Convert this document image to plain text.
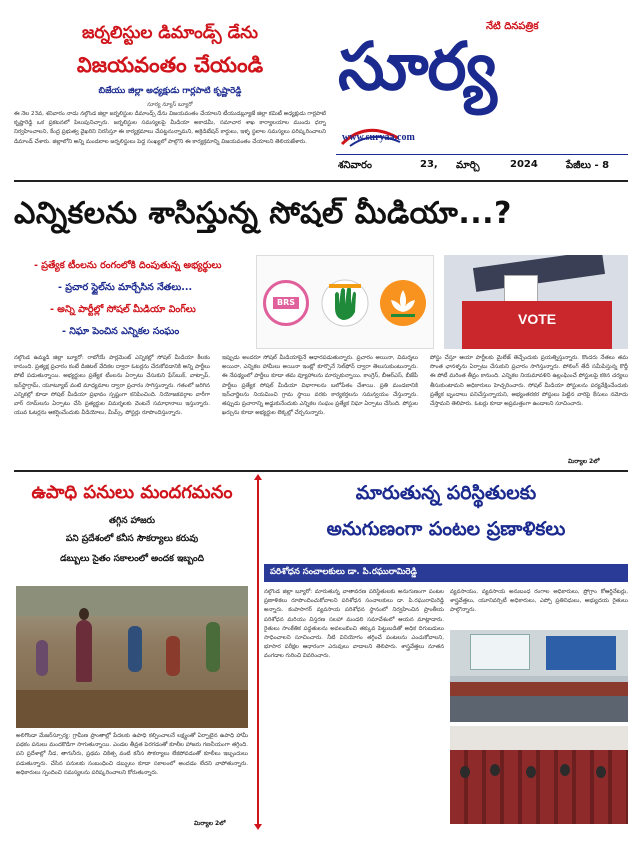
జర్నలిస్టుల డిమాండ్స్ డేను
విజయవంతం చేయండి
బిజేయు జిల్లా అధ్యక్షుడు గార్లపాటి కృష్ణారెడ్డి
సూర్య న్యూస్ బ్యూరో
ఈ నెల 23వ, శనివారం నాడు నల్గొండ జిల్లా జర్నలిస్టుల డిమాండ్స్ డేను విజయవంతం చేయాలని టీయుడబ్ల్యూజే జిల్లా కమిటీ అధ్యక్షుడు గార్లపాటి కృష్ణారెడ్డి ఒక ప్రకటనలో పిలుపునిచ్చారు. జర్నలిస్టుల సమస్యలపై మీడియా అకాడమీ, సమాచార శాఖ కార్యాలయాల ముందు ధర్నా నిర్వహించాలని, కేంద్ర ప్రభుత్వ వైఖరిని నిరసిస్తూ ఈ కార్యక్రమాలు చేపట్టనున్నామని, అక్రెడిటేషన్ కార్డులు, ఇళ్ళ స్థలాల సమస్యలు పరిష్కరించాలని డిమాండ్ చేశారు. జిల్లాలోని అన్ని మండలాల జర్నలిస్టులు పెద్ద సంఖ్యలో పాల్గొని ఈ కార్యక్రమాన్ని విజయవంతం చేయాలని తెలియజేశారు.
నేటి దినపత్రిక
సూర్య
www.suryaa.com
శనివారం	23, మార్చి	2024	పేజీలు - 8
ఎన్నికలను శాసిస్తున్న సోషల్ మీడియా...?
- ప్రత్యేక టీంలను రంగంలోకి దింపుతున్న అభ్యర్థులు
- ప్రచార స్టైల్‌ను మార్చేసిన నేతలు...
- అన్ని పార్టీల్లో సోషల్ మీడియా వింగ్‌లు
- నిఘా పెంచిన ఎన్నికల సంఘం
BRS
VOTE
నల్గొండ ఉమ్మడి జిల్లా బ్యూరో: రాబోయే పార్లమెంట్ ఎన్నికల్లో సోషల్ మీడియా కీలకం కానుంది. ప్రత్యక్ష ప్రచారం కంటే డిజిటల్ వేదికల ద్వారా ఓటర్లను చేరుకోవడానికి అన్ని పార్టీలు పోటీ పడుతున్నాయి. అభ్యర్థులు ప్రత్యేక టీంలను ఏర్పాటు చేసుకుని ఫేస్‌బుక్, వాట్సాప్, ఇన్‌స్టాగ్రామ్, యూట్యూబ్ వంటి మాధ్యమాల ద్వారా ప్రచారం సాగిస్తున్నారు. గతంలో జరిగిన ఎన్నికల్లో కూడా సోషల్ మీడియా ప్రభావం స్పష్టంగా కనిపించింది. నియోజకవర్గాల వారీగా వార్ రూమ్‌లను ఏర్పాటు చేసి ప్రత్యర్థుల విమర్శలకు వెంటనే సమాధానాలు ఇస్తున్నారు. యువ ఓటర్లను ఆకర్షించేందుకు వీడియోలు, మీమ్స్, పోస్టర్లు రూపొందిస్తున్నారు.
ఇప్పుడు అందరూ సోషల్ మీడియాపైనే ఆధారపడుతున్నారు. ప్రచారం అయినా, విమర్శలు అయినా, ఎన్నికల హామీలు అయినా ఇంట్లో కూర్చొనే సెల్‌ఫోన్ ద్వారా తెలుసుకుంటున్నారు. ఈ నేపథ్యంలో పార్టీలు కూడా తమ వ్యూహాలను మార్చుకున్నాయి. కాంగ్రెస్, బీఆర్ఎస్, బీజేపీ పార్టీలు ప్రత్యేక సోషల్ మీడియా విభాగాలను బలోపేతం చేశాయి. ప్రతి మండలానికి ఇన్‌చార్జిలను నియమించి గ్రామ స్థాయి వరకు కార్యకర్తలను సమన్వయం చేస్తున్నారు. తప్పుడు ప్రచారాన్ని అడ్డుకునేందుకు ఎన్నికల సంఘం ప్రత్యేక నిఘా ఏర్పాటు చేసింది. పోస్టుల ఖర్చును కూడా అభ్యర్థుల లెక్కల్లో చేర్చనున్నారు.
పోస్టు చేస్తూ ఆయా పార్టీలకు మైలేజ్ తెచ్చేందుకు ప్రయత్నిస్తున్నారు. కొందరు నేతలు తమ సొంత ఛానళ్ళను ఏర్పాటు చేసుకుని ప్రచారం సాగిస్తున్నారు. పోలింగ్ తేదీ సమీపిస్తున్న కొద్దీ ఈ పోటీ మరింత తీవ్రం కానుంది. ఎన్నికల నియమావళిని ఉల్లంఘించే పోస్టులపై కఠిన చర్యలు తీసుకుంటామని అధికారులు హెచ్చరించారు. సోషల్ మీడియా పోస్టులను పర్యవేక్షించేందుకు ప్రత్యేక బృందాలు పనిచేస్తున్నాయని, అభ్యంతరకర పోస్టులు పెట్టిన వారిపై కేసులు నమోదు చేస్తామని తెలిపారు. ఓటర్లు కూడా అప్రమత్తంగా ఉండాలని సూచించారు.
మిర్యాల 2లో
ఉపాధి పనులు మందగమనం
తగ్గిన హాజరు
పని ప్రదేశంలో కనీస సౌకర్యాలు కరువు
డబ్బులు సైతం సకాలంలో అందక ఇబ్బంది
అలిగొండా మేజర్‌స్సూర్య: గ్రామీణ ప్రాంతాల్లో పేదలకు ఉపాధి కల్పించాలనే లక్ష్యంతో ఏర్పాటైన ఉపాధి హామీ పథకం పనులు మందకొడిగా సాగుతున్నాయి. ఎండల తీవ్రత పెరగడంతో కూలీల హాజరు గణనీయంగా తగ్గింది. పని ప్రదేశాల్లో నీడ, తాగునీరు, ప్రథమ చికిత్స వంటి కనీస సౌకర్యాలు లేకపోవడంతో కూలీలు ఇబ్బందులు పడుతున్నారు. చేసిన పనులకు సంబంధించి డబ్బులు కూడా సకాలంలో అందడం లేదని వాపోతున్నారు. అధికారులు స్పందించి సమస్యలను పరిష్కరించాలని కోరుతున్నారు.
మిర్యాల 2లో
మారుతున్న పరిస్థితులకు
అనుగుణంగా పంటల ప్రణాళికలు
పరిశోధన సంచాలకులు డా. పి.రఘురామిరెడ్డి
నల్గొండ జిల్లా బ్యూరో: మారుతున్న వాతావరణ పరిస్థితులకు అనుగుణంగా పంటల ప్రణాళికలు రూపొందించుకోవాలని పరిశోధన సంచాలకులు డా. పి.రఘురామిరెడ్డి అన్నారు. కంపాసాగర్ వ్యవసాయ పరిశోధన స్థానంలో నిర్వహించిన ప్రాంతీయ పరిశోధన మరియు విస్తరణ సలహా మండలి సమావేశంలో ఆయన మాట్లాడారు. రైతులు సాంకేతిక పద్ధతులను అవలంబించి తక్కువ పెట్టుబడితో అధిక దిగుబడులు సాధించాలని సూచించారు. నీటి వినియోగం తగ్గించే పంటలను ఎంచుకోవాలని, భూసార పరీక్షల ఆధారంగా ఎరువులు వాడాలని తెలిపారు. శాస్త్రవేత్తలు నూతన వంగడాల గురించి వివరించారు.
వ్యవసాయం, వ్యవసాయ అనుబంధ రంగాల అధికారులు, ప్రోగ్రాం కోఆర్డినేటర్లు, శాస్త్రవేత్తలు, యూనివర్సిటీ అధికారులు, ఎప్పో ప్రతినిధులు, అభ్యుదయ రైతులు పాల్గొన్నారు.
